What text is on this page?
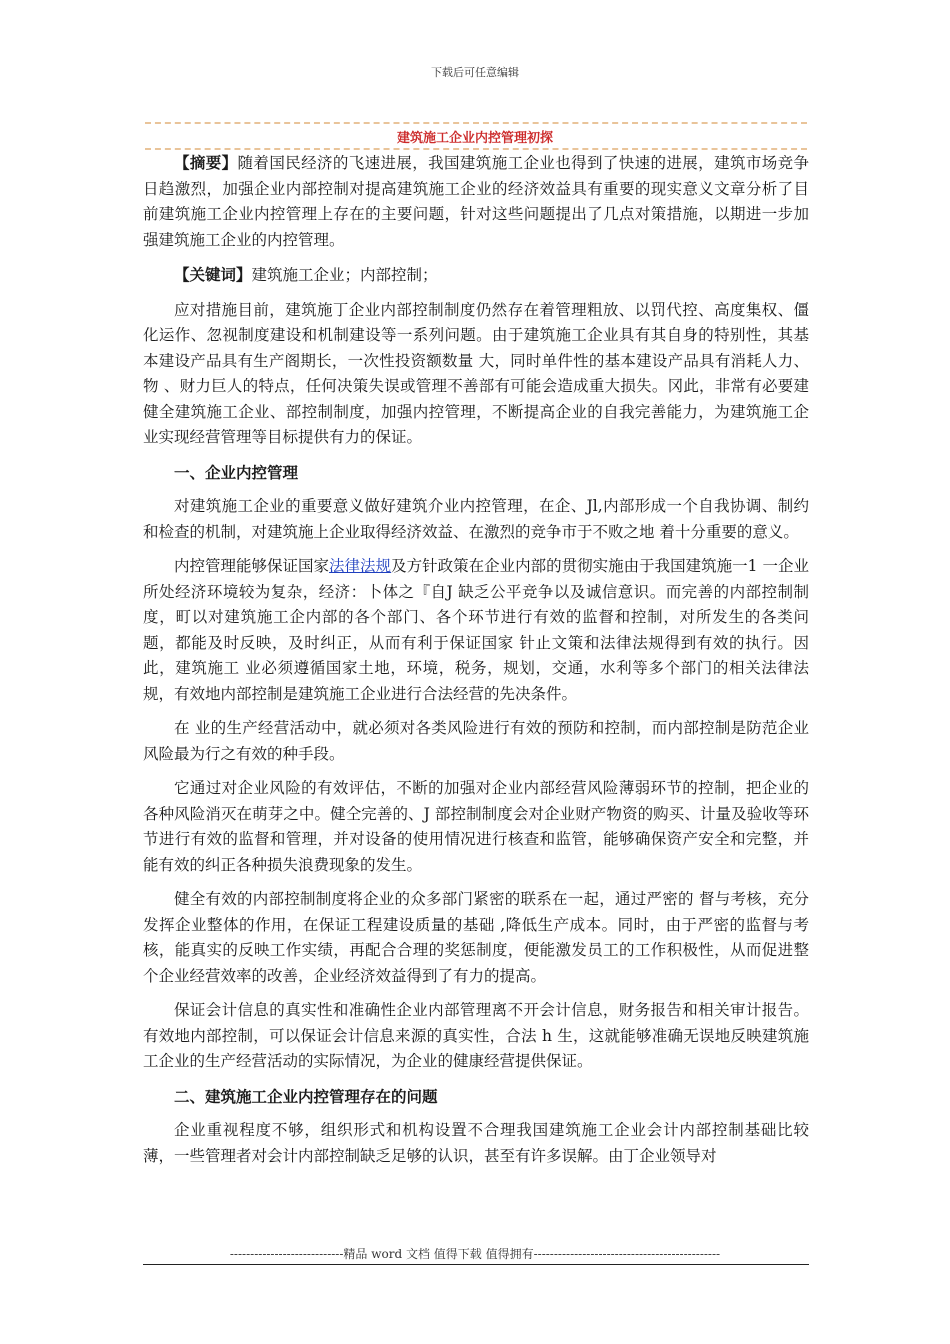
下载后可任意编辑
建筑施工企业内控管理初探

【摘要】随着国民经济的飞速进展，我国建筑施工企业也得到了快速的进展，建筑市场竞争日趋激烈，加强企业内部控制对提高建筑施工企业的经济效益具有重要的现实意义文章分析了目前建筑施工企业内控管理上存在的主要问题，针对这些问题提出了几点对策措施，以期进一步加强建筑施工企业的内控管理。

【关键词】建筑施工企业；内部控制；

应对措施目前，建筑施丁企业内部控制制度仍然存在着管理粗放、以罚代控、高度集权、僵化运作、忽视制度建设和机制建设等一系列问题。由于建筑施工企业具有其自身的特别性，其基本建设产品具有生产阁期长，一次性投资额数量 大，同时单件性的基本建设产品具有消耗人力、物 、财力巨人的特点，任何决策失误或管理不善部有可能会造成重大损失。冈此，非常有必要建 健全建筑施工企业、部控制制度，加强内控管理，不断提高企业的自我完善能力，为建筑施工企业实现经营管理等目标提供有力的保证。

一、企业内控管理

对建筑施工企业的重要意义做好建筑介业内控管理，在企、Jl,内部形成一个自我协调、制约和检查的机制，对建筑施上企业取得经济效益、在激烈的竞争市于不败之地 着十分重要的意义。

内控管理能够保证国家法律法规及方针政策在企业内部的贯彻实施由于我国建筑施一1 一企业所处经济环境较为复杂，经济：卜体之『自J 缺乏公平竞争以及诚信意识。而完善的内部控制制度，町以对建筑施工企内部的各个部门、各个环节进行有效的监督和控制，对所发生的各类问题，都能及时反映，及时纠正，从而有利于保证国家 针止文策和法律法规得到有效的执行。因此，建筑施工 业必须遵循国家土地，环境，税务，规划，交通，水利等多个部门的相关法律法规，有效地内部控制是建筑施工企业进行合法经营的先决条件。

在 业的生产经营活动中，就必须对各类风险进行有效的预防和控制，而内部控制是防范企业风险最为行之有效的种手段。

它通过对企业风险的有效评估，不断的加强对企业内部经营风险薄弱环节的控制，把企业的各种风险消灭在萌芽之中。健仝完善的、J 部控制制度会对企业财产物资的购买、计量及验收等环节进行有效的监督和管理，并对设备的使用情况进行核查和监管，能够确保资产安全和完整，并能有效的纠正各种损失浪费现象的发生。

健全有效的内部控制制度将企业的众多部门紧密的联系在一起，通过严密的 督与考核，充分发挥企业整体的作用，在保证工程建设质量的基础 ,降低生产成本。同时，由于严密的监督与考核，能真实的反映工作实绩，再配合合理的奖惩制度，便能激发员工的工作积极性，从而促进整个企业经营效率的改善，企业经济效益得到了有力的提高。

保证会计信息的真实性和准确性企业内部管理离不开会计信息，财务报告和相关审计报告。有效地内部控制，可以保证会计信息来源的真实性，合法 h 生，这就能够准确无误地反映建筑施工企业的生产经营活动的实际情况，为企业的健康经营提供保证。

二、建筑施工企业内控管理存在的问题

企业重视程度不够，组织形式和机构设置不合理我国建筑施工企业会计内部控制基础比较薄，一些管理者对会计内部控制缺乏足够的认识，甚至有许多误解。由丁企业领导对

----------------------------精品 word 文档 值得下载 值得拥有----------------------------------------------
